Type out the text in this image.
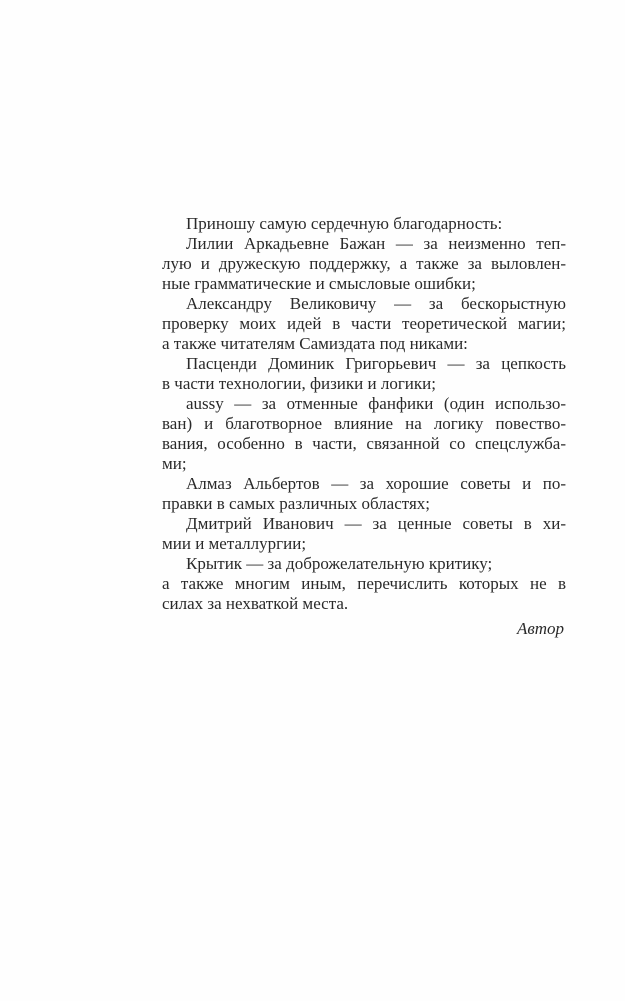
Приношу самую сердечную благодарность:
Лилии Аркадьевне Бажан — за неизменно теп-
лую и дружескую поддержку, а также за выловлен-
ные грамматические и смысловые ошибки;
Александру Великовичу — за бескорыстную
проверку моих идей в части теоретической магии;
а также читателям Самиздата под никами:
Пасценди Доминик Григорьевич — за цепкость
в части технологии, физики и логики;
aussy — за отменные фанфики (один использо-
ван) и благотворное влияние на логику повество-
вания, особенно в части, связанной со спецслужба-
ми;
Алмаз Альбертов — за хорошие советы и по-
правки в самых различных областях;
Дмитрий Иванович — за ценные советы в хи-
мии и металлургии;
Крытик — за доброжелательную критику;
а также многим иным, перечислить которых не в
силах за нехваткой места.
Автор
